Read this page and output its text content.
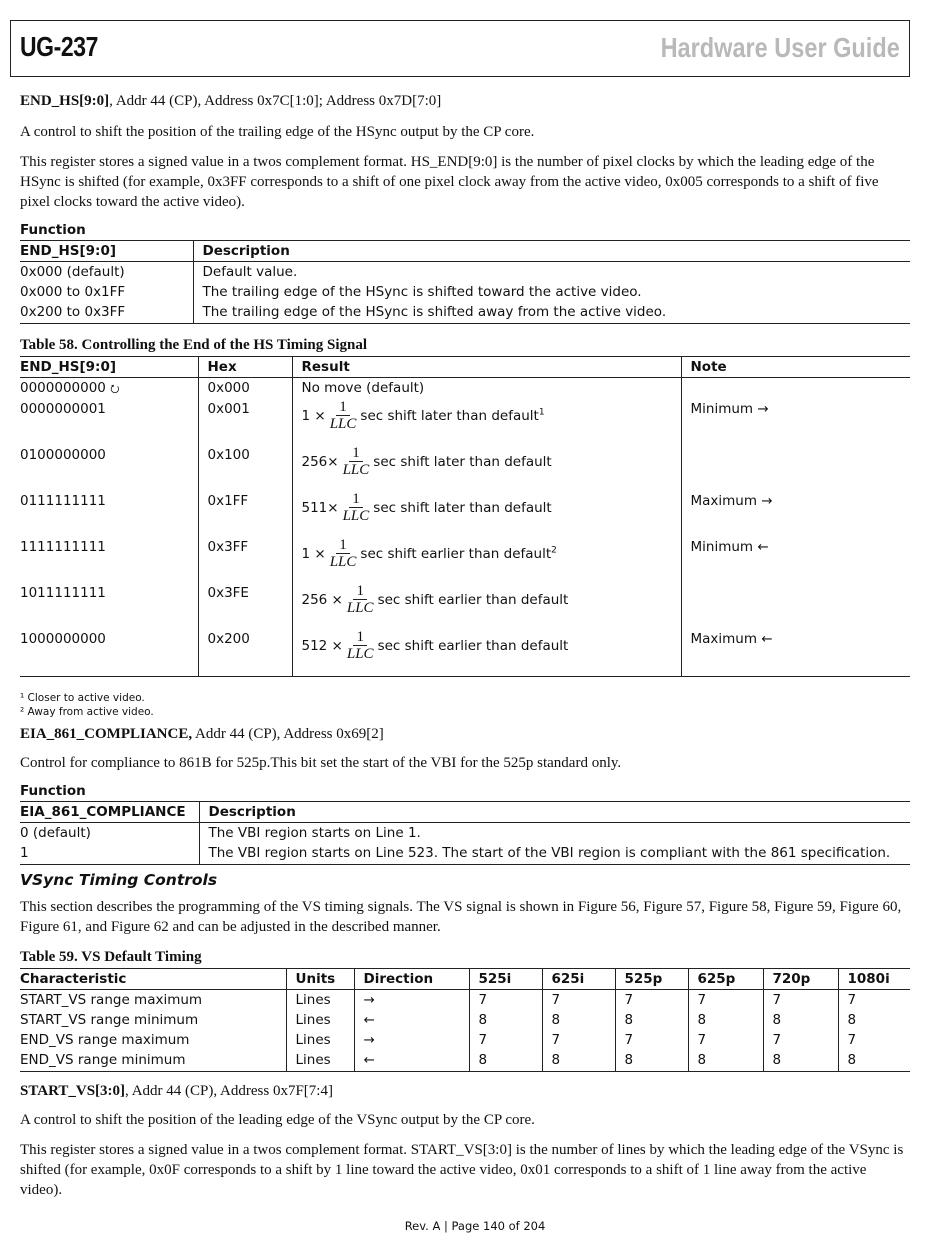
UG-237	Hardware User Guide

END_HS[9:0], Addr 44 (CP), Address 0x7C[1:0]; Address 0x7D[7:0]

A control to shift the position of the trailing edge of the HSync output by the CP core.

This register stores a signed value in a twos complement format. HS_END[9:0] is the number of pixel clocks by which the leading edge of the HSync is shifted (for example, 0x3FF corresponds to a shift of one pixel clock away from the active video, 0x005 corresponds to a shift of five pixel clocks toward the active video).

Function
END_HS[9:0]	Description
0x000 (default)	Default value.
0x000 to 0x1FF	The trailing edge of the HSync is shifted toward the active video.
0x200 to 0x3FF	The trailing edge of the HSync is shifted away from the active video.
Table 58. Controlling the End of the HS Timing Signal
END_HS[9:0]	Hex	Result	Note
0000000000 ⭮	0x000	No move (default)	
0000000001	0x001	$1 \times \frac{1}{\text{LLC}}$ sec shift later than default$^1$	Minimum →
0100000000	0x100	$256\times \frac{1}{\text{LLC}}$ sec shift later than default	
0111111111	0x1FF	$511\times \frac{1}{\text{LLC}}$ sec shift later than default	Maximum →
1111111111	0x3FF	$1 \times \frac{1}{\text{LLC}}$ sec shift earlier than default$^2$	Minimum ←
1011111111	0x3FE	$256 \times \frac{1}{\text{LLC}}$ sec shift earlier than default	
1000000000	0x200	$512 \times \frac{1}{\text{LLC}}$ sec shift earlier than default	Maximum ←
¹ Closer to active video.
² Away from active video.

EIA_861_COMPLIANCE, Addr 44 (CP), Address 0x69[2]

Control for compliance to 861B for 525p.This bit set the start of the VBI for the 525p standard only.

Function
EIA_861_COMPLIANCE	Description
0 (default)	The VBI region starts on Line 1.
1	The VBI region starts on Line 523. The start of the VBI region is compliant with the 861 specification.
VSync Timing Controls

This section describes the programming of the VS timing signals. The VS signal is shown in Figure 56, Figure 57, Figure 58, Figure 59, Figure 60, Figure 61, and Figure 62 and can be adjusted in the described manner.

Table 59. VS Default Timing
Characteristic	Units	Direction	525i	625i	525p	625p	720p	1080i
START_VS range maximum	Lines	→	7	7	7	7	7	7
START_VS range minimum	Lines	←	8	8	8	8	8	8
END_VS range maximum	Lines	→	7	7	7	7	7	7
END_VS range minimum	Lines	←	8	8	8	8	8	8

START_VS[3:0], Addr 44 (CP), Address 0x7F[7:4]

A control to shift the position of the leading edge of the VSync output by the CP core.

This register stores a signed value in a twos complement format. START_VS[3:0] is the number of lines by which the leading edge of the VSync is shifted (for example, 0x0F corresponds to a shift by 1 line toward the active video, 0x01 corresponds to a shift of 1 line away from the active video).

Rev. A | Page 140 of 204
